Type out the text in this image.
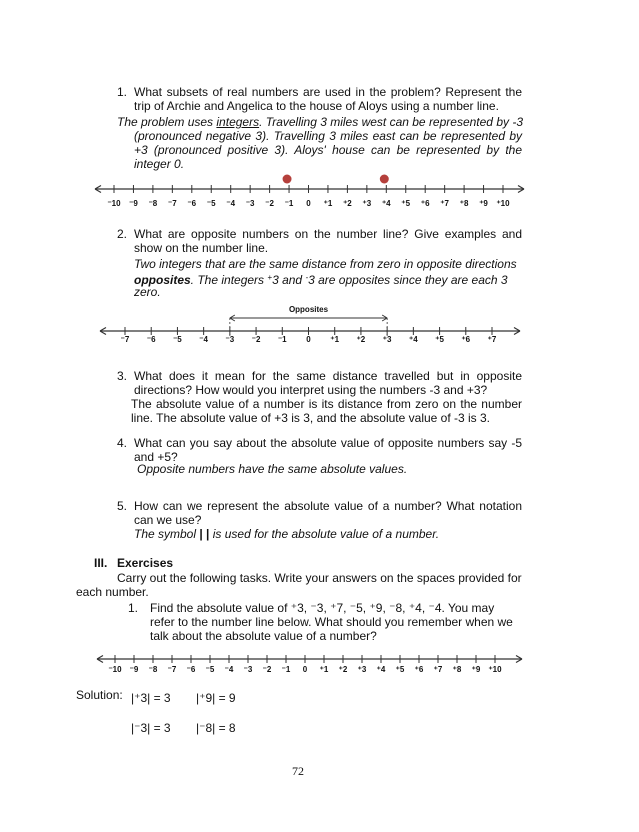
1. What subsets of real numbers are used in the problem? Represent the
trip of Archie and Angelica to the house of Aloys using a number line.
The problem uses integers. Travelling 3 miles west can be represented by -3
(pronounced negative 3). Travelling 3 miles east can be represented by
+3 (pronounced positive 3). Aloys' house can be represented by the
integer 0.
⁻10 ⁻9 ⁻8 ⁻7 ⁻6 ⁻5 ⁻4 ⁻3 ⁻2 ⁻1 0 ⁺1 ⁺2 ⁺3 ⁺4 ⁺5 ⁺6 ⁺7 ⁺8 ⁺9 ⁺10
2. What are opposite numbers on the number line? Give examples and
show on the number line.
Two integers that are the same distance from zero in opposite directions
opposites. The integers +3 and -3 are opposites since they are each 3
zero.
⁻7 ⁻6 ⁻5 ⁻4 ⁻3 ⁻2 ⁻1 0 ⁺1 ⁺2 ⁺3 ⁺4 ⁺5 ⁺6 ⁺7
Opposites
3. What does it mean for the same distance travelled but in opposite
directions? How would you interpret using the numbers -3 and +3?
The absolute value of a number is its distance from zero on the number
line. The absolute value of +3 is 3, and the absolute value of -3 is 3.
4. What can you say about the absolute value of opposite numbers say -5
and +5?
Opposite numbers have the same absolute values.
5. How can we represent the absolute value of a number? What notation
can we use?
The symbol | | is used for the absolute value of a number.
III. Exercises
Carry out the following tasks. Write your answers on the spaces provided for
each number.
1. Find the absolute value of ⁺3, ⁻3, ⁺7, ⁻5, ⁺9, ⁻8, ⁺4, ⁻4. You may
refer to the number line below. What should you remember when we
talk about the absolute value of a number?
⁻10 ⁻9 ⁻8 ⁻7 ⁻6 ⁻5 ⁻4 ⁻3 ⁻2 ⁻1 0 ⁺1 ⁺2 ⁺3 ⁺4 ⁺5 ⁺6 ⁺7 ⁺8 ⁺9 ⁺10
Solution: |⁺3| = 3 |⁺9| = 9
|⁻3| = 3 |⁻8| = 8
72
